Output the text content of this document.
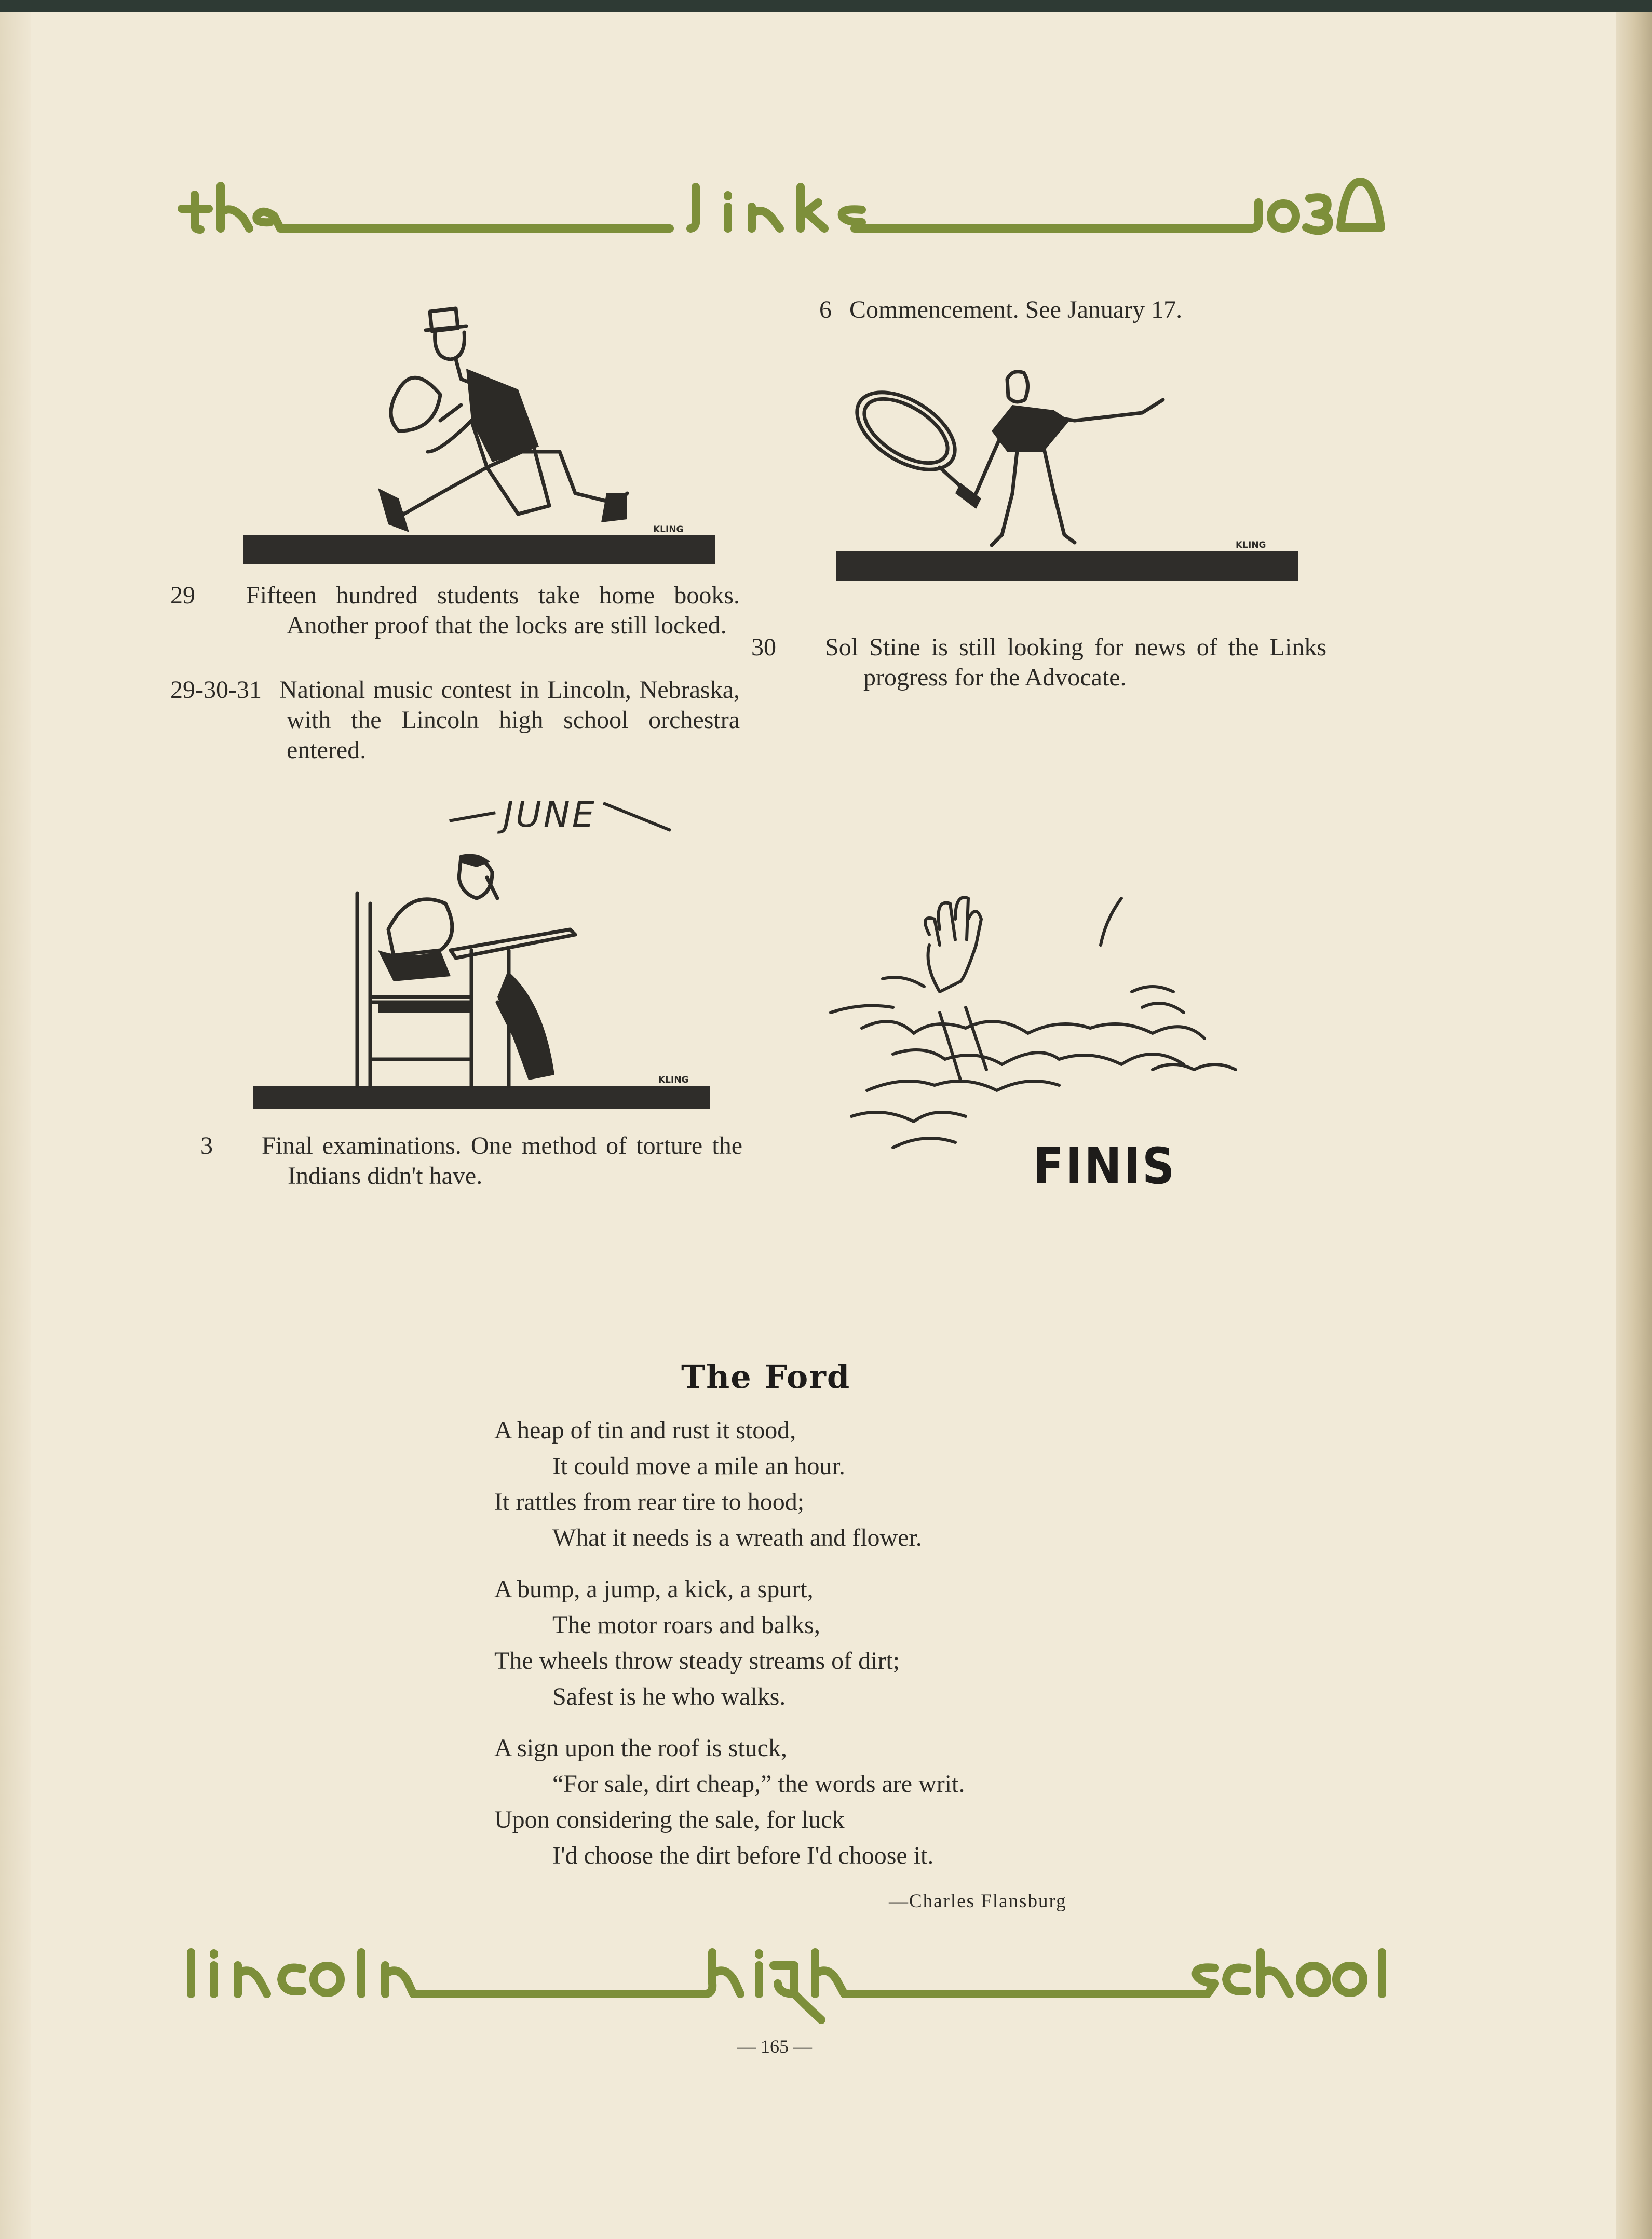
KLING
29 Fifteen hundred students take home books. Another proof that the locks are still locked.
29-30-31 National music contest in Lincoln, Nebraska, with the Lincoln high school orchestra entered.
6 Commencement. See January 17.
KLING
30 Sol Stine is still looking for news of the Links progress for the Advocate.
JUNE
KLING
3 Final examinations. One method of torture the Indians didn't have.	FINIS
The Ford
A heap of tin and rust it stood,
It could move a mile an hour.
It rattles from rear tire to hood;
What it needs is a wreath and flower.
A bump, a jump, a kick, a spurt,
The motor roars and balks,
The wheels throw steady streams of dirt;
Safest is he who walks.
A sign upon the roof is stuck,
“For sale, dirt cheap,” the words are writ.
Upon considering the sale, for luck
I'd choose the dirt before I'd choose it.
—Charles Flansburg
— 165 —
